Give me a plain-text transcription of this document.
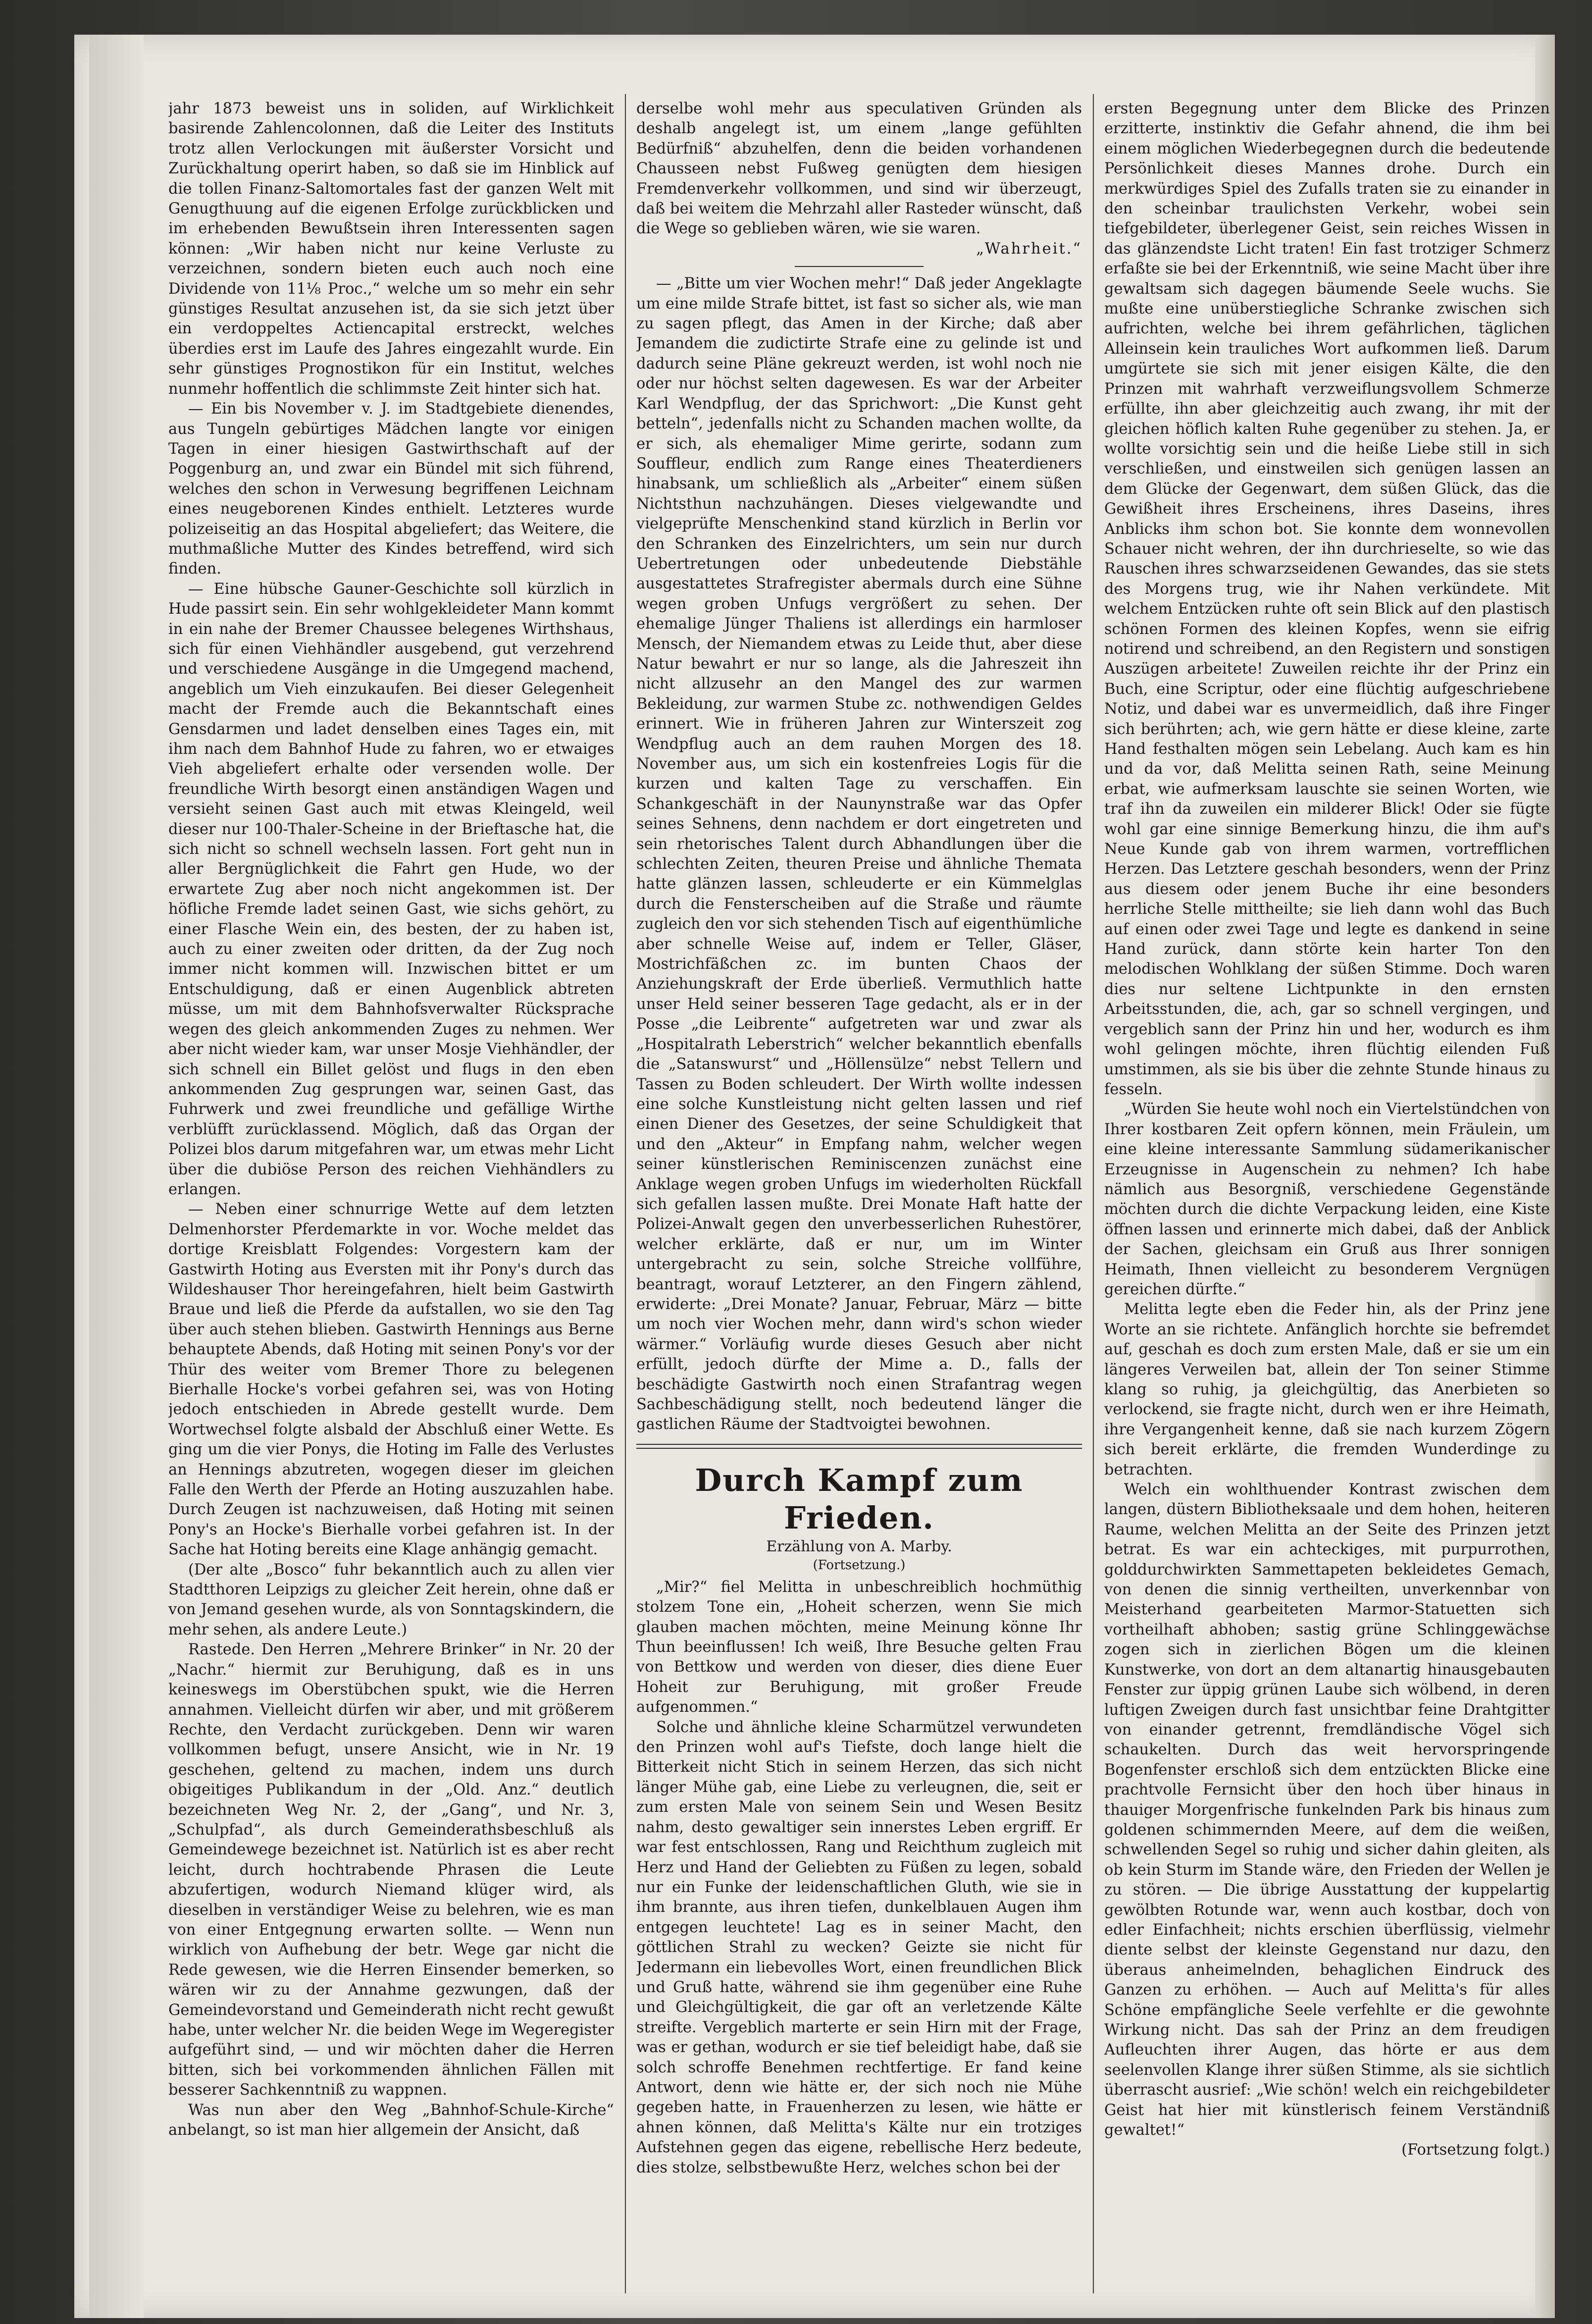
jahr 1873 beweist uns in soliden, auf Wirklichkeit basirende Zahlencolonnen, daß die Leiter des Instituts trotz allen Verlockungen mit äußerster Vorsicht und Zurückhaltung operirt haben, so daß sie im Hinblick auf die tollen Finanz-Saltomortales fast der ganzen Welt mit Genugthuung auf die eigenen Erfolge zurückblicken und im erhebenden Bewußtsein ihren Interessenten sagen können: „Wir haben nicht nur keine Verluste zu verzeichnen, sondern bieten euch auch noch eine Dividende von 11⅛ Proc.,“ welche um so mehr ein sehr günstiges Resultat anzusehen ist, da sie sich jetzt über ein verdoppeltes Actiencapital erstreckt, welches überdies erst im Laufe des Jahres eingezahlt wurde. Ein sehr günstiges Prognostikon für ein Institut, welches nunmehr hoffentlich die schlimmste Zeit hinter sich hat.

— Ein bis November v. J. im Stadtgebiete dienendes, aus Tungeln gebürtiges Mädchen langte vor einigen Tagen in einer hiesigen Gastwirthschaft auf der Poggenburg an, und zwar ein Bündel mit sich führend, welches den schon in Verwesung begriffenen Leichnam eines neugeborenen Kindes enthielt. Letzteres wurde polizeiseitig an das Hospital abgeliefert; das Weitere, die muthmaßliche Mutter des Kindes betreffend, wird sich finden.

— Eine hübsche Gauner-Geschichte soll kürzlich in Hude passirt sein. Ein sehr wohlgekleideter Mann kommt in ein nahe der Bremer Chaussee belegenes Wirthshaus, sich für einen Viehhändler ausgebend, gut verzehrend und verschiedene Ausgänge in die Umgegend machend, angeblich um Vieh einzukaufen. Bei dieser Gelegenheit macht der Fremde auch die Bekanntschaft eines Gensdarmen und ladet denselben eines Tages ein, mit ihm nach dem Bahnhof Hude zu fahren, wo er etwaiges Vieh abgeliefert erhalte oder versenden wolle. Der freundliche Wirth besorgt einen anständigen Wagen und versieht seinen Gast auch mit etwas Kleingeld, weil dieser nur 100-Thaler-Scheine in der Brieftasche hat, die sich nicht so schnell wechseln lassen. Fort geht nun in aller Bergnüglichkeit die Fahrt gen Hude, wo der erwartete Zug aber noch nicht angekommen ist. Der höfliche Fremde ladet seinen Gast, wie sichs gehört, zu einer Flasche Wein ein, des besten, der zu haben ist, auch zu einer zweiten oder dritten, da der Zug noch immer nicht kommen will. Inzwischen bittet er um Entschuldigung, daß er einen Augenblick abtreten müsse, um mit dem Bahnhofsverwalter Rücksprache wegen des gleich ankommenden Zuges zu nehmen. Wer aber nicht wieder kam, war unser Mosje Viehhändler, der sich schnell ein Billet gelöst und flugs in den eben ankommenden Zug gesprungen war, seinen Gast, das Fuhrwerk und zwei freundliche und gefällige Wirthe verblüfft zurücklassend. Möglich, daß das Organ der Polizei blos darum mitgefahren war, um etwas mehr Licht über die dubiöse Person des reichen Viehhändlers zu erlangen.

— Neben einer schnurrige Wette auf dem letzten Delmenhorster Pferdemarkte in vor. Woche meldet das dortige Kreisblatt Folgendes: Vorgestern kam der Gastwirth Hoting aus Eversten mit ihr Pony's durch das Wildeshauser Thor hereingefahren, hielt beim Gastwirth Braue und ließ die Pferde da aufstallen, wo sie den Tag über auch stehen blieben. Gastwirth Hennings aus Berne behauptete Abends, daß Hoting mit seinen Pony's vor der Thür des weiter vom Bremer Thore zu belegenen Bierhalle Hocke's vorbei gefahren sei, was von Hoting jedoch entschieden in Abrede gestellt wurde. Dem Wortwechsel folgte alsbald der Abschluß einer Wette. Es ging um die vier Ponys, die Hoting im Falle des Verlustes an Hennings abzutreten, wogegen dieser im gleichen Falle den Werth der Pferde an Hoting auszuzahlen habe. Durch Zeugen ist nachzuweisen, daß Hoting mit seinen Pony's an Hocke's Bierhalle vorbei gefahren ist. In der Sache hat Hoting bereits eine Klage anhängig gemacht.

(Der alte „Bosco“ fuhr bekanntlich auch zu allen vier Stadtthoren Leipzigs zu gleicher Zeit herein, ohne daß er von Jemand gesehen wurde, als von Sonntagskindern, die mehr sehen, als andere Leute.)

Rastede. Den Herren „Mehrere Brinker“ in Nr. 20 der „Nachr.“ hiermit zur Beruhigung, daß es in uns keineswegs im Oberstübchen spukt, wie die Herren annahmen. Vielleicht dürfen wir aber, und mit größerem Rechte, den Verdacht zurückgeben. Denn wir waren vollkommen befugt, unsere Ansicht, wie in Nr. 19 geschehen, geltend zu machen, indem uns durch obigeitiges Publikandum in der „Old. Anz.“ deutlich bezeichneten Weg Nr. 2, der „Gang“, und Nr. 3, „Schulpfad“, als durch Gemeinderathsbeschluß als Gemeindewege bezeichnet ist. Natürlich ist es aber recht leicht, durch hochtrabende Phrasen die Leute abzufertigen, wodurch Niemand klüger wird, als dieselben in verständiger Weise zu belehren, wie es man von einer Entgegnung erwarten sollte. — Wenn nun wirklich von Aufhebung der betr. Wege gar nicht die Rede gewesen, wie die Herren Einsender bemerken, so wären wir zu der Annahme gezwungen, daß der Gemeindevorstand und Gemeinderath nicht recht gewußt habe, unter welcher Nr. die beiden Wege im Wegeregister aufgeführt sind, — und wir möchten daher die Herren bitten, sich bei vorkommenden ähnlichen Fällen mit besserer Sachkenntniß zu wappnen.

Was nun aber den Weg „Bahnhof-Schule-Kirche“ anbelangt, so ist man hier allgemein der Ansicht, daß

derselbe wohl mehr aus speculativen Gründen als deshalb angelegt ist, um einem „lange gefühlten Bedürfniß“ abzuhelfen, denn die beiden vorhandenen Chausseen nebst Fußweg genügten dem hiesigen Fremdenverkehr vollkommen, und sind wir überzeugt, daß bei weitem die Mehrzahl aller Rasteder wünscht, daß die Wege so geblieben wären, wie sie waren.

„Wahrheit.“

— „Bitte um vier Wochen mehr!“ Daß jeder Angeklagte um eine milde Strafe bittet, ist fast so sicher als, wie man zu sagen pflegt, das Amen in der Kirche; daß aber Jemandem die zudictirte Strafe eine zu gelinde ist und dadurch seine Pläne gekreuzt werden, ist wohl noch nie oder nur höchst selten dagewesen. Es war der Arbeiter Karl Wendpflug, der das Sprichwort: „Die Kunst geht betteln“, jedenfalls nicht zu Schanden machen wollte, da er sich, als ehemaliger Mime gerirte, sodann zum Souffleur, endlich zum Range eines Theaterdieners hinabsank, um schließlich als „Arbeiter“ einem süßen Nichtsthun nachzuhängen. Dieses vielgewandte und vielgeprüfte Menschenkind stand kürzlich in Berlin vor den Schranken des Einzelrichters, um sein nur durch Uebertretungen oder unbedeutende Diebstähle ausgestattetes Strafregister abermals durch eine Sühne wegen groben Unfugs vergrößert zu sehen. Der ehemalige Jünger Thaliens ist allerdings ein harmloser Mensch, der Niemandem etwas zu Leide thut, aber diese Natur bewahrt er nur so lange, als die Jahreszeit ihn nicht allzusehr an den Mangel des zur warmen Bekleidung, zur warmen Stube zc. nothwendigen Geldes erinnert. Wie in früheren Jahren zur Winterszeit zog Wendpflug auch an dem rauhen Morgen des 18. November aus, um sich ein kostenfreies Logis für die kurzen und kalten Tage zu verschaffen. Ein Schankgeschäft in der Naunynstraße war das Opfer seines Sehnens, denn nachdem er dort eingetreten und sein rhetorisches Talent durch Abhandlungen über die schlechten Zeiten, theuren Preise und ähnliche Themata hatte glänzen lassen, schleuderte er ein Kümmelglas durch die Fensterscheiben auf die Straße und räumte zugleich den vor sich stehenden Tisch auf eigenthümliche aber schnelle Weise auf, indem er Teller, Gläser, Mostrichfäßchen zc. im bunten Chaos der Anziehungskraft der Erde überließ. Vermuthlich hatte unser Held seiner besseren Tage gedacht, als er in der Posse „die Leibrente“ aufgetreten war und zwar als „Hospitalrath Leberstrich“ welcher bekanntlich ebenfalls die „Satanswurst“ und „Höllensülze“ nebst Tellern und Tassen zu Boden schleudert. Der Wirth wollte indessen eine solche Kunstleistung nicht gelten lassen und rief einen Diener des Gesetzes, der seine Schuldigkeit that und den „Akteur“ in Empfang nahm, welcher wegen seiner künstlerischen Reminiscenzen zunächst eine Anklage wegen groben Unfugs im wiederholten Rückfall sich gefallen lassen mußte. Drei Monate Haft hatte der Polizei-Anwalt gegen den unverbesserlichen Ruhestörer, welcher erklärte, daß er nur, um im Winter untergebracht zu sein, solche Streiche vollführe, beantragt, worauf Letzterer, an den Fingern zählend, erwiderte: „Drei Monate? Januar, Februar, März — bitte um noch vier Wochen mehr, dann wird's schon wieder wärmer.“ Vorläufig wurde dieses Gesuch aber nicht erfüllt, jedoch dürfte der Mime a. D., falls der beschädigte Gastwirth noch einen Strafantrag wegen Sachbeschädigung stellt, noch bedeutend länger die gastlichen Räume der Stadtvoigtei bewohnen.

Durch Kampf zum Frieden.
Erzählung von A. Marby.
(Fortsetzung.)

„Mir?“ fiel Melitta in unbeschreiblich hochmüthig stolzem Tone ein, „Hoheit scherzen, wenn Sie mich glauben machen möchten, meine Meinung könne Ihr Thun beeinflussen! Ich weiß, Ihre Besuche gelten Frau von Bettkow und werden von dieser, dies diene Euer Hoheit zur Beruhigung, mit großer Freude aufgenommen.“

Solche und ähnliche kleine Scharmützel verwundeten den Prinzen wohl auf's Tiefste, doch lange hielt die Bitterkeit nicht Stich in seinem Herzen, das sich nicht länger Mühe gab, eine Liebe zu verleugnen, die, seit er zum ersten Male von seinem Sein und Wesen Besitz nahm, desto gewaltiger sein innerstes Leben ergriff. Er war fest entschlossen, Rang und Reichthum zugleich mit Herz und Hand der Geliebten zu Füßen zu legen, sobald nur ein Funke der leidenschaftlichen Gluth, wie sie in ihm brannte, aus ihren tiefen, dunkelblauen Augen ihm entgegen leuchtete! Lag es in seiner Macht, den göttlichen Strahl zu wecken? Geizte sie nicht für Jedermann ein liebevolles Wort, einen freundlichen Blick und Gruß hatte, während sie ihm gegenüber eine Ruhe und Gleichgültigkeit, die gar oft an verletzende Kälte streifte. Vergeblich marterte er sein Hirn mit der Frage, was er gethan, wodurch er sie tief beleidigt habe, daß sie solch schroffe Benehmen rechtfertige. Er fand keine Antwort, denn wie hätte er, der sich noch nie Mühe gegeben hatte, in Frauenherzen zu lesen, wie hätte er ahnen können, daß Melitta's Kälte nur ein trotziges Aufstehnen gegen das eigene, rebellische Herz bedeute, dies stolze, selbstbewußte Herz, welches schon bei der

ersten Begegnung unter dem Blicke des Prinzen erzitterte, instinktiv die Gefahr ahnend, die ihm bei einem möglichen Wiederbegegnen durch die bedeutende Persönlichkeit dieses Mannes drohe. Durch ein merkwürdiges Spiel des Zufalls traten sie zu einander in den scheinbar traulichsten Verkehr, wobei sein tiefgebildeter, überlegener Geist, sein reiches Wissen in das glänzendste Licht traten! Ein fast trotziger Schmerz erfaßte sie bei der Erkenntniß, wie seine Macht über ihre gewaltsam sich dagegen bäumende Seele wuchs. Sie mußte eine unüberstiegliche Schranke zwischen sich aufrichten, welche bei ihrem gefährlichen, täglichen Alleinsein kein trauliches Wort aufkommen ließ. Darum umgürtete sie sich mit jener eisigen Kälte, die den Prinzen mit wahrhaft verzweiflungsvollem Schmerze erfüllte, ihn aber gleichzeitig auch zwang, ihr mit der gleichen höflich kalten Ruhe gegenüber zu stehen. Ja, er wollte vorsichtig sein und die heiße Liebe still in sich verschließen, und einstweilen sich genügen lassen an dem Glücke der Gegenwart, dem süßen Glück, das die Gewißheit ihres Erscheinens, ihres Daseins, ihres Anblicks ihm schon bot. Sie konnte dem wonnevollen Schauer nicht wehren, der ihn durchrieselte, so wie das Rauschen ihres schwarzseidenen Gewandes, das sie stets des Morgens trug, wie ihr Nahen verkündete. Mit welchem Entzücken ruhte oft sein Blick auf den plastisch schönen Formen des kleinen Kopfes, wenn sie eifrig notirend und schreibend, an den Registern und sonstigen Auszügen arbeitete! Zuweilen reichte ihr der Prinz ein Buch, eine Scriptur, oder eine flüchtig aufgeschriebene Notiz, und dabei war es unvermeidlich, daß ihre Finger sich berührten; ach, wie gern hätte er diese kleine, zarte Hand festhalten mögen sein Lebelang. Auch kam es hin und da vor, daß Melitta seinen Rath, seine Meinung erbat, wie aufmerksam lauschte sie seinen Worten, wie traf ihn da zuweilen ein milderer Blick! Oder sie fügte wohl gar eine sinnige Bemerkung hinzu, die ihm auf's Neue Kunde gab von ihrem warmen, vortrefflichen Herzen. Das Letztere geschah besonders, wenn der Prinz aus diesem oder jenem Buche ihr eine besonders herrliche Stelle mittheilte; sie lieh dann wohl das Buch auf einen oder zwei Tage und legte es dankend in seine Hand zurück, dann störte kein harter Ton den melodischen Wohlklang der süßen Stimme. Doch waren dies nur seltene Lichtpunkte in den ernsten Arbeitsstunden, die, ach, gar so schnell vergingen, und vergeblich sann der Prinz hin und her, wodurch es ihm wohl gelingen möchte, ihren flüchtig eilenden Fuß umstimmen, als sie bis über die zehnte Stunde hinaus zu fesseln.

„Würden Sie heute wohl noch ein Viertelstündchen von Ihrer kostbaren Zeit opfern können, mein Fräulein, um eine kleine interessante Sammlung südamerikanischer Erzeugnisse in Augenschein zu nehmen? Ich habe nämlich aus Besorgniß, verschiedene Gegenstände möchten durch die dichte Verpackung leiden, eine Kiste öffnen lassen und erinnerte mich dabei, daß der Anblick der Sachen, gleichsam ein Gruß aus Ihrer sonnigen Heimath, Ihnen vielleicht zu besonderem Vergnügen gereichen dürfte.“

Melitta legte eben die Feder hin, als der Prinz jene Worte an sie richtete. Anfänglich horchte sie befremdet auf, geschah es doch zum ersten Male, daß er sie um ein längeres Verweilen bat, allein der Ton seiner Stimme klang so ruhig, ja gleichgültig, das Anerbieten so verlockend, sie fragte nicht, durch wen er ihre Heimath, ihre Vergangenheit kenne, daß sie nach kurzem Zögern sich bereit erklärte, die fremden Wunderdinge zu betrachten.

Welch ein wohlthuender Kontrast zwischen dem langen, düstern Bibliotheksaale und dem hohen, heiteren Raume, welchen Melitta an der Seite des Prinzen jetzt betrat. Es war ein achteckiges, mit purpurrothen, golddurchwirkten Sammettapeten bekleidetes Gemach, von denen die sinnig vertheilten, unverkennbar von Meisterhand gearbeiteten Marmor-Statuetten sich vortheilhaft abhoben; sastig grüne Schlinggewächse zogen sich in zierlichen Bögen um die kleinen Kunstwerke, von dort an dem altanartig hinausgebauten Fenster zur üppig grünen Laube sich wölbend, in deren luftigen Zweigen durch fast unsichtbar feine Drahtgitter von einander getrennt, fremdländische Vögel sich schaukelten. Durch das weit hervorspringende Bogenfenster erschloß sich dem entzückten Blicke eine prachtvolle Fernsicht über den hoch über hinaus in thauiger Morgenfrische funkelnden Park bis hinaus zum goldenen schimmernden Meere, auf dem die weißen, schwellenden Segel so ruhig und sicher dahin gleiten, als ob kein Sturm im Stande wäre, den Frieden der Wellen je zu stören. — Die übrige Ausstattung der kuppelartig gewölbten Rotunde war, wenn auch kostbar, doch von edler Einfachheit; nichts erschien überflüssig, vielmehr diente selbst der kleinste Gegenstand nur dazu, den überaus anheimelnden, behaglichen Eindruck des Ganzen zu erhöhen. — Auch auf Melitta's für alles Schöne empfängliche Seele verfehlte er die gewohnte Wirkung nicht. Das sah der Prinz an dem freudigen Aufleuchten ihrer Augen, das hörte er aus dem seelenvollen Klange ihrer süßen Stimme, als sie sichtlich überrascht ausrief: „Wie schön! welch ein reichgebildeter Geist hat hier mit künstlerisch feinem Verständniß gewaltet!“

(Fortsetzung folgt.)
